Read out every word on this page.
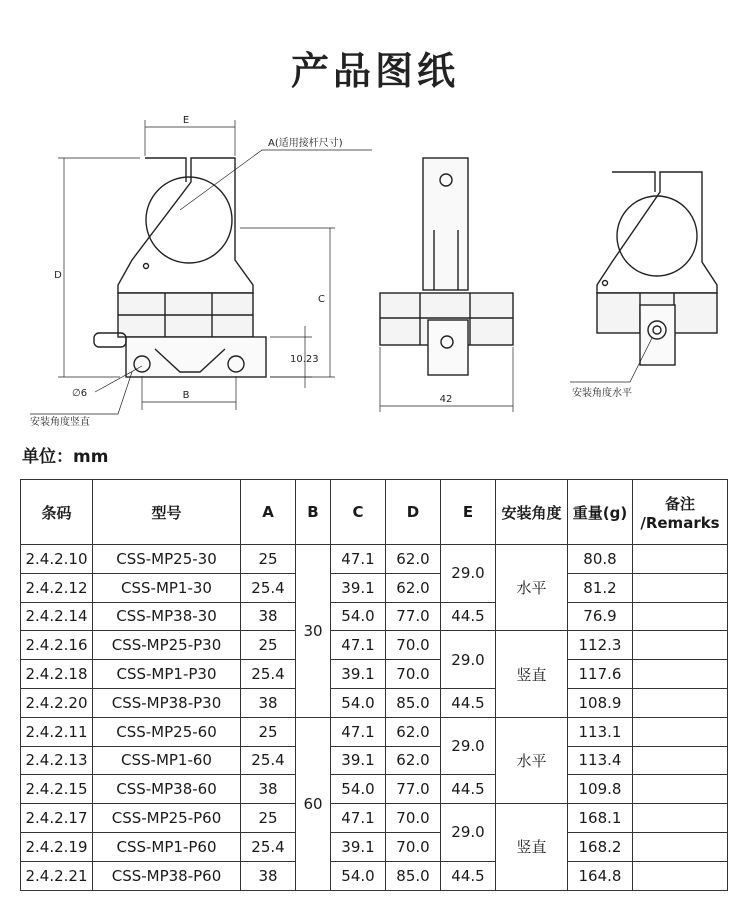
产品图纸
E
A(适用接杆尺寸)
D
C
10.23
∅6	B
安装角度竖直
42
安装角度水平
单位：mm
条码	型号	A	B	C	D	E	安装角度	重量(g)	备注
/Remarks
2.4.2.10	CSS-MP25-30	25	30	47.1	62.0	29.0	水平	80.8	
2.4.2.12	CSS-MP1-30	25.4		39.1	62.0			81.2	
2.4.2.14	CSS-MP38-30	38		54.0	77.0	44.5		76.9	
2.4.2.16	CSS-MP25-P30	25		47.1	70.0	29.0	竖直	112.3	
2.4.2.18	CSS-MP1-P30	25.4		39.1	70.0			117.6	
2.4.2.20	CSS-MP38-P30	38		54.0	85.0	44.5		108.9	
2.4.2.11	CSS-MP25-60	25	60	47.1	62.0	29.0	水平	113.1	
2.4.2.13	CSS-MP1-60	25.4		39.1	62.0			113.4	
2.4.2.15	CSS-MP38-60	38		54.0	77.0	44.5		109.8	
2.4.2.17	CSS-MP25-P60	25		47.1	70.0	29.0	竖直	168.1	
2.4.2.19	CSS-MP1-P60	25.4		39.1	70.0			168.2	
2.4.2.21	CSS-MP38-P60	38		54.0	85.0	44.5		164.8	
